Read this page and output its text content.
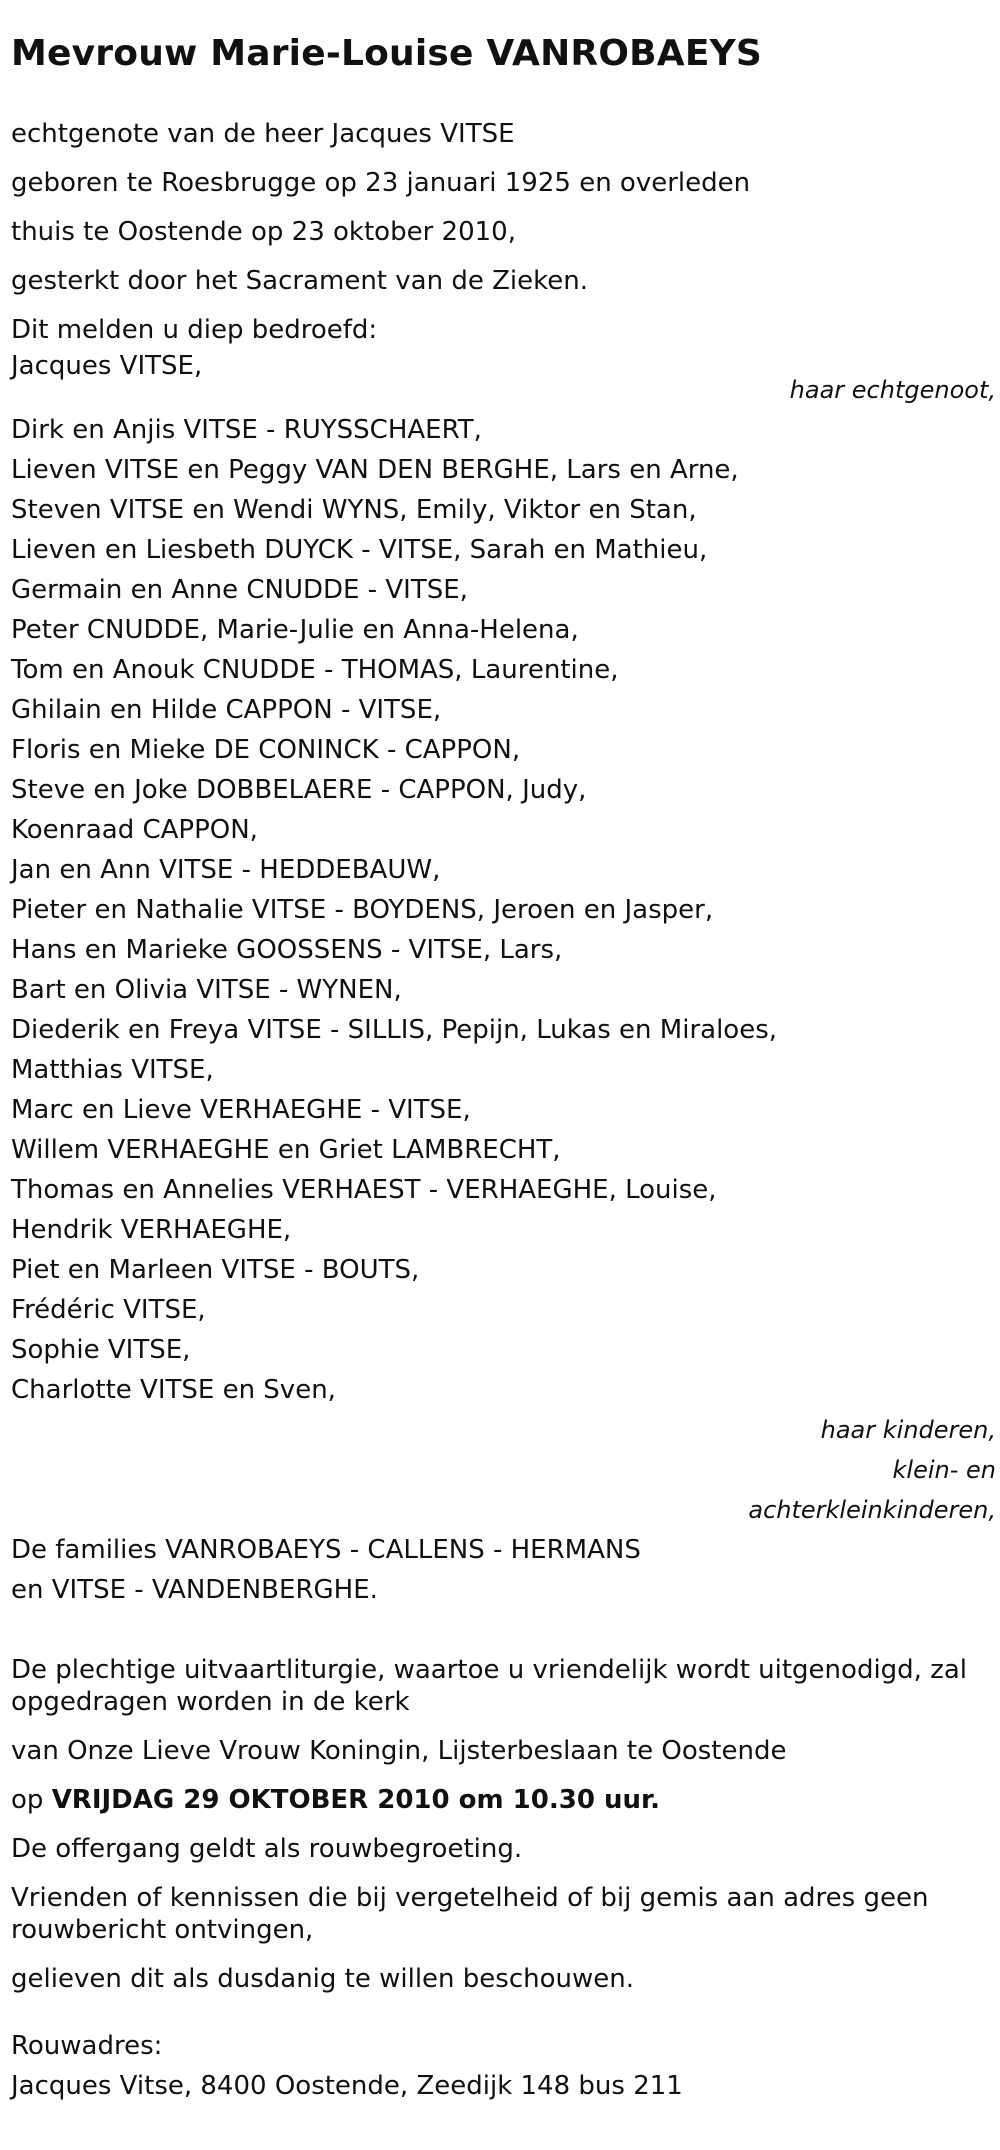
Mevrouw Marie-Louise VANROBAEYS
echtgenote van de heer Jacques VITSE
geboren te Roesbrugge op 23 januari 1925 en overleden
thuis te Oostende op 23 oktober 2010,
gesterkt door het Sacrament van de Zieken.
Dit melden u diep bedroefd:
Jacques VITSE,
haar echtgenoot,
Dirk en Anjis VITSE - RUYSSCHAERT,
Lieven VITSE en Peggy VAN DEN BERGHE, Lars en Arne,
Steven VITSE en Wendi WYNS, Emily, Viktor en Stan,
Lieven en Liesbeth DUYCK - VITSE, Sarah en Mathieu,
Germain en Anne CNUDDE - VITSE,
Peter CNUDDE, Marie-Julie en Anna-Helena,
Tom en Anouk CNUDDE - THOMAS, Laurentine,
Ghilain en Hilde CAPPON - VITSE,
Floris en Mieke DE CONINCK - CAPPON,
Steve en Joke DOBBELAERE - CAPPON, Judy,
Koenraad CAPPON,
Jan en Ann VITSE - HEDDEBAUW,
Pieter en Nathalie VITSE - BOYDENS, Jeroen en Jasper,
Hans en Marieke GOOSSENS - VITSE, Lars,
Bart en Olivia VITSE - WYNEN,
Diederik en Freya VITSE - SILLIS, Pepijn, Lukas en Miraloes,
Matthias VITSE,
Marc en Lieve VERHAEGHE - VITSE,
Willem VERHAEGHE en Griet LAMBRECHT,
Thomas en Annelies VERHAEST - VERHAEGHE, Louise,
Hendrik VERHAEGHE,
Piet en Marleen VITSE - BOUTS,
Frédéric VITSE,
Sophie VITSE,
Charlotte VITSE en Sven,
haar kinderen,
klein- en
achterkleinkinderen,
De families VANROBAEYS - CALLENS - HERMANS
en VITSE - VANDENBERGHE.
De plechtige uitvaartliturgie, waartoe u vriendelijk wordt uitgenodigd, zal opgedragen worden in de kerk
van Onze Lieve Vrouw Koningin, Lijsterbeslaan te Oostende
op VRIJDAG 29 OKTOBER 2010 om 10.30 uur.
De offergang geldt als rouwbegroeting.
Vrienden of kennissen die bij vergetelheid of bij gemis aan adres geen rouwbericht ontvingen,
gelieven dit als dusdanig te willen beschouwen.
Rouwadres:
Jacques Vitse, 8400 Oostende, Zeedijk 148 bus 211
